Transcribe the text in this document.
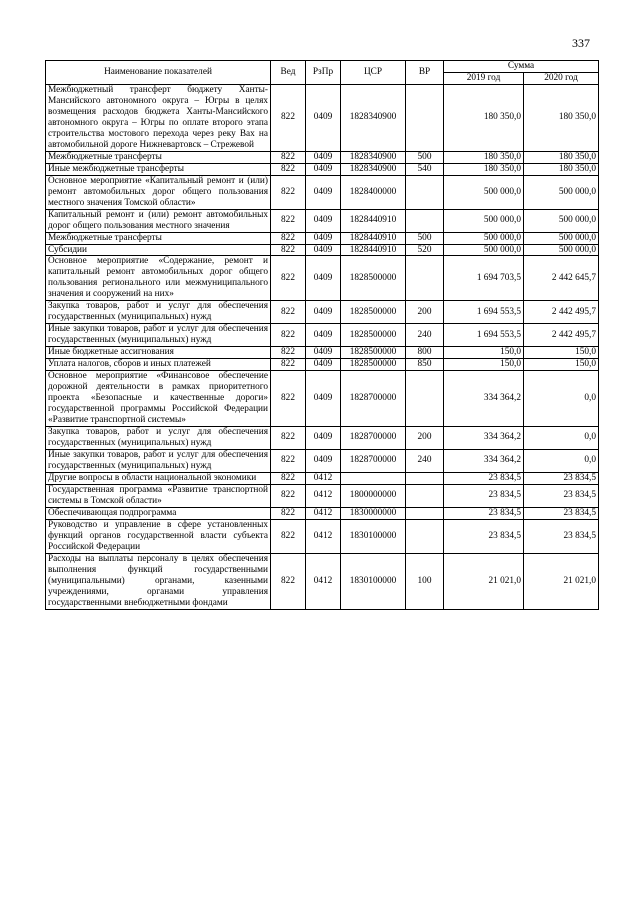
337
Наименование показателей	Вед	РзПр	ЦСР	ВР	Сумма	
					2019 год	2020 год
Межбюджетный трансферт бюджету Ханты-Мансийского автономного округа – Югры в целях возмещения расходов бюджета Ханты-Мансийского автономного округа – Югры по оплате второго этапа строительства мостового перехода через реку Вах на автомобильной дороге Нижневартовск – Стрежевой	822	0409	1828340900		180 350,0	180 350,0
Межбюджетные трансферты	822	0409	1828340900	500	180 350,0	180 350,0
Иные межбюджетные трансферты	822	0409	1828340900	540	180 350,0	180 350,0
Основное мероприятие «Капитальный ремонт и (или) ремонт автомобильных дорог общего пользования местного значения Томской области»	822	0409	1828400000		500 000,0	500 000,0
Капитальный ремонт и (или) ремонт автомобильных дорог общего пользования местного значения	822	0409	1828440910		500 000,0	500 000,0
Межбюджетные трансферты	822	0409	1828440910	500	500 000,0	500 000,0
Субсидии	822	0409	1828440910	520	500 000,0	500 000,0
Основное мероприятие «Содержание, ремонт и капитальный ремонт автомобильных дорог общего пользования регионального или межмуниципального значения и сооружений на них»	822	0409	1828500000		1 694 703,5	2 442 645,7
Закупка товаров, работ и услуг для обеспечения государственных (муниципальных) нужд	822	0409	1828500000	200	1 694 553,5	2 442 495,7
Иные закупки товаров, работ и услуг для обеспечения государственных (муниципальных) нужд	822	0409	1828500000	240	1 694 553,5	2 442 495,7
Иные бюджетные ассигнования	822	0409	1828500000	800	150,0	150,0
Уплата налогов, сборов и иных платежей	822	0409	1828500000	850	150,0	150,0
Основное мероприятие «Финансовое обеспечение дорожной деятельности в рамках приоритетного проекта «Безопасные и качественные дороги» государственной программы Российской Федерации «Развитие транспортной системы»	822	0409	1828700000		334 364,2	0,0
Закупка товаров, работ и услуг для обеспечения государственных (муниципальных) нужд	822	0409	1828700000	200	334 364,2	0,0
Иные закупки товаров, работ и услуг для обеспечения государственных (муниципальных) нужд	822	0409	1828700000	240	334 364,2	0,0
Другие вопросы в области национальной экономики	822	0412			23 834,5	23 834,5
Государственная программа «Развитие транспортной системы в Томской области»	822	0412	1800000000		23 834,5	23 834,5
Обеспечивающая подпрограмма	822	0412	1830000000		23 834,5	23 834,5
Руководство и управление в сфере установленных функций органов государственной власти субъекта Российской Федерации	822	0412	1830100000		23 834,5	23 834,5
Расходы на выплаты персоналу в целях обеспечения выполнения функций государственными (муниципальными) органами, казенными учреждениями, органами управления государственными внебюджетными фондами	822	0412	1830100000	100	21 021,0	21 021,0
